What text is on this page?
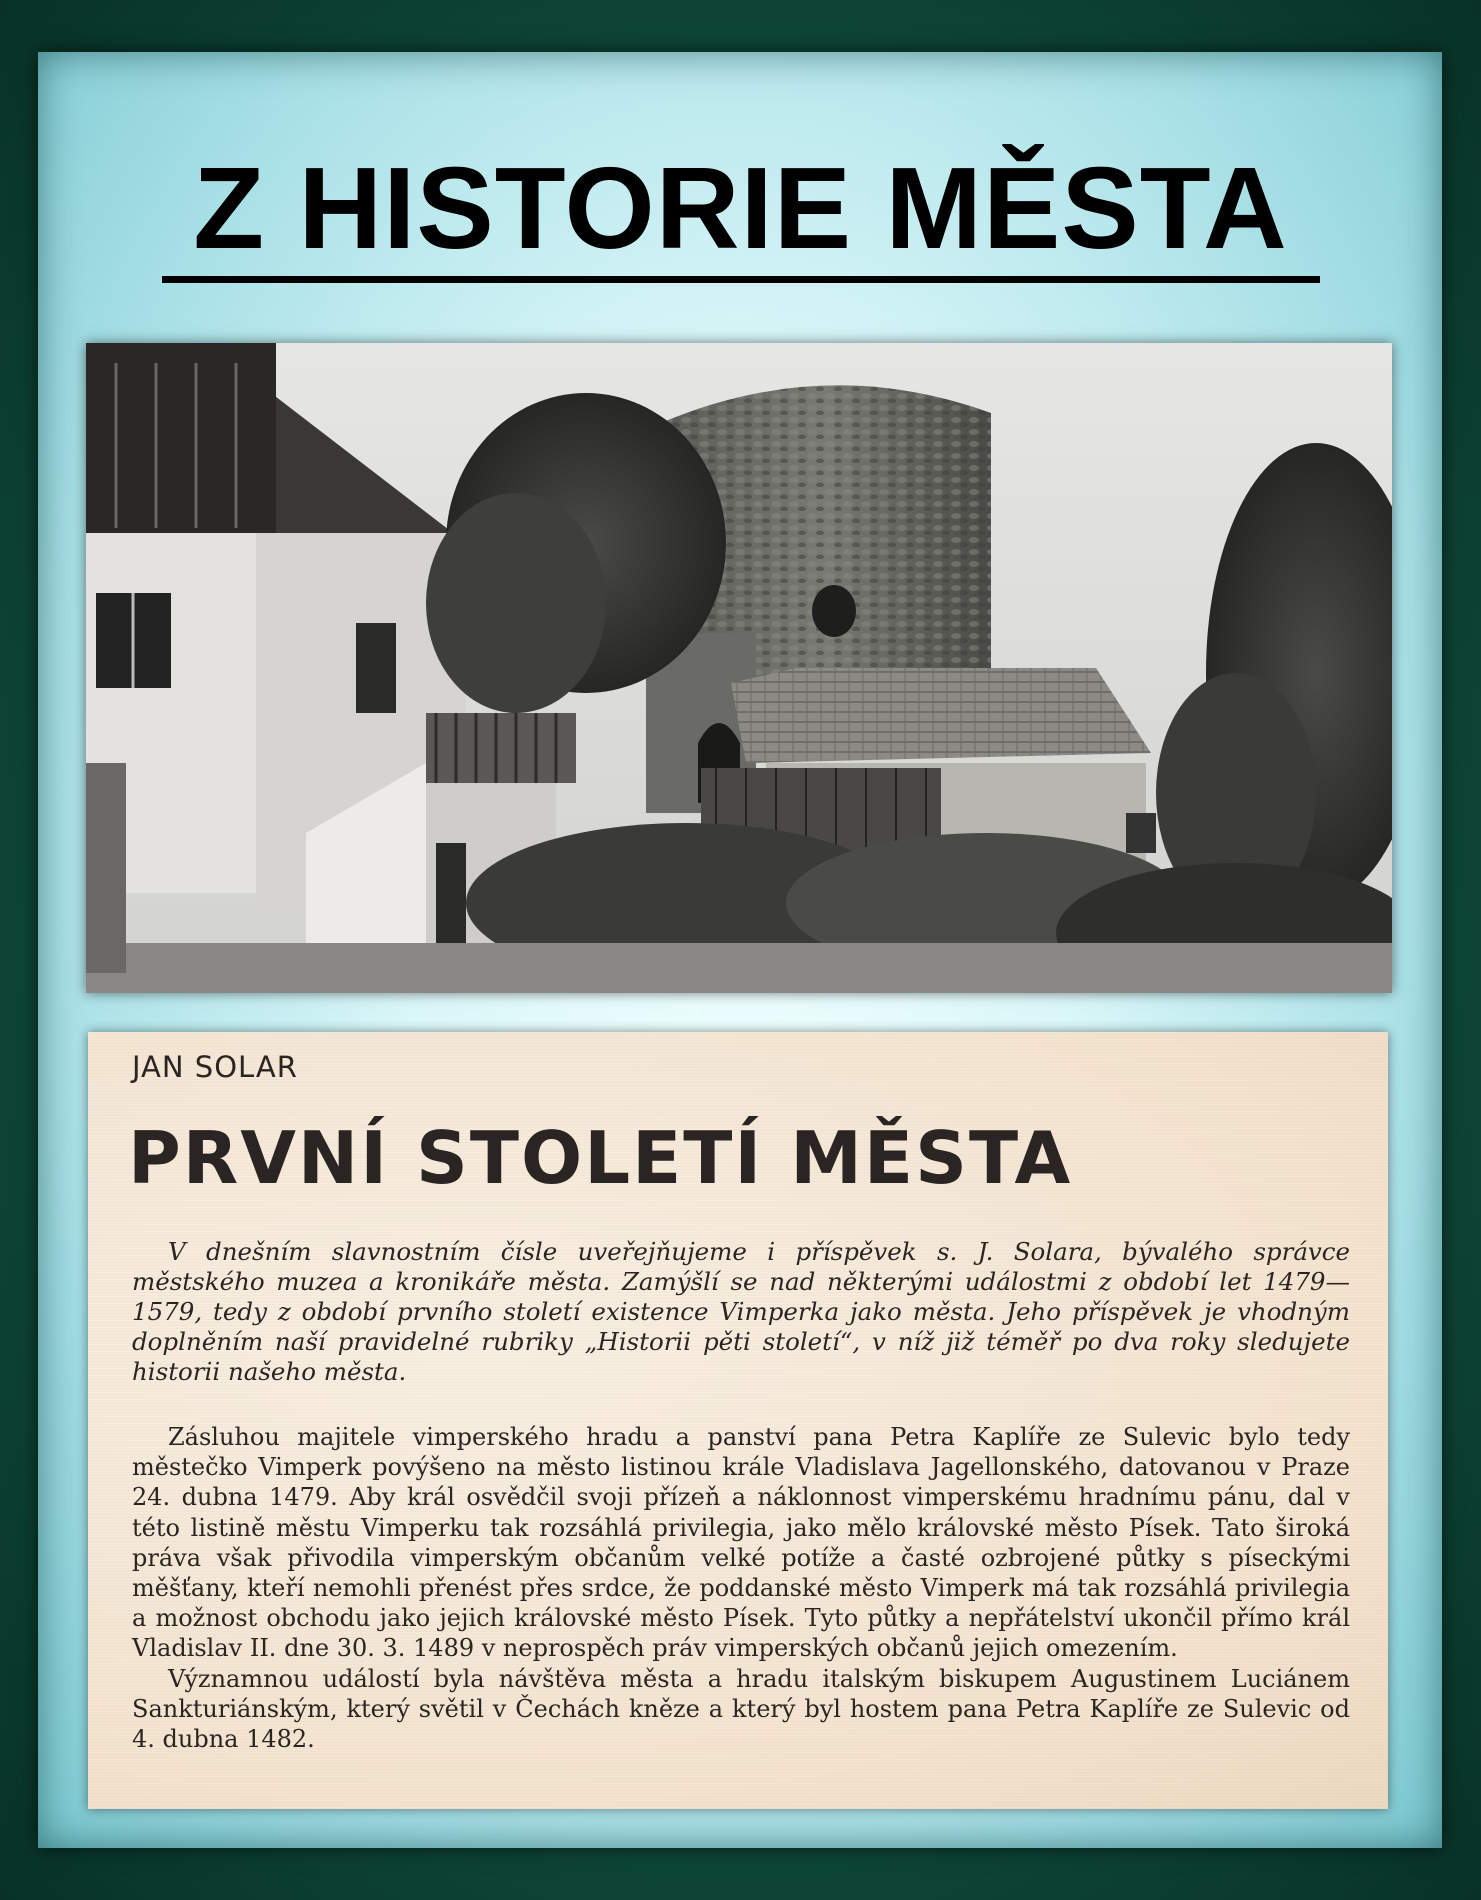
Z HISTORIE MĚSTA
JAN SOLAR
PRVNÍ STOLETÍ MĚSTA
V dnešním slavnostním čísle uveřejňujeme i příspěvek s. J. Solara, bývalého správce městského muzea a kronikáře města. Zamýšlí se nad některými událostmi z období let 1479—1579, tedy z období prvního století existence Vimperka jako města. Jeho příspěvek je vhodným doplněním naší pravidelné rubriky „Historii pěti století“, v níž již téměř po dva roky sledujete historii našeho města.

Zásluhou majitele vimperského hradu a panství pana Petra Kaplíře ze Sulevic bylo tedy městečko Vimperk povýšeno na město listinou krále Vladislava Jagellonského, datovanou v Praze 24. dubna 1479. Aby král osvědčil svoji přízeň a náklonnost vimperskému hradnímu pánu, dal v této listině městu Vimperku tak rozsáhlá privilegia, jako mělo královské město Písek. Tato široká práva však přivodila vimperským občanům velké potíže a časté ozbrojené půtky s píseckými měšťany, kteří nemohli přenést přes srdce, že poddanské město Vimperk má tak rozsáhlá privilegia a možnost obchodu jako jejich královské město Písek. Tyto půtky a nepřátelství ukončil přímo král Vladislav II. dne 30. 3. 1489 v neprospěch práv vimperských občanů jejich omezením.

Významnou událostí byla návštěva města a hradu italským biskupem Augustinem Luciánem Sankturiánským, který světil v Čechách kněze a který byl hostem pana Petra Kaplíře ze Sulevic od 4. dubna 1482.
